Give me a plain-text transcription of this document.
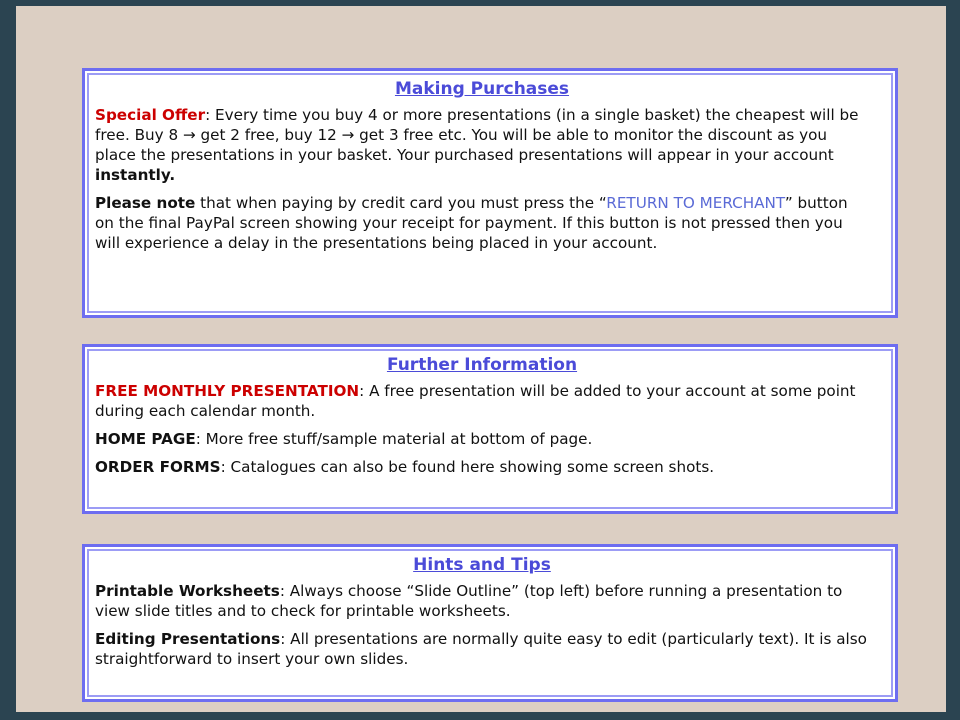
Making Purchases

Special Offer: Every time you buy 4 or more presentations (in a single basket) the cheapest will be free. Buy 8 → get 2 free, buy 12 → get 3 free etc. You will be able to monitor the discount as you place the presentations in your basket. Your purchased presentations will appear in your account instantly.

Please note that when paying by credit card you must press the “RETURN TO MERCHANT” button on the final PayPal screen showing your receipt for payment. If this button is not pressed then you will experience a delay in the presentations being placed in your account.

Further Information

FREE MONTHLY PRESENTATION: A free presentation will be added to your account at some point during each calendar month.

HOME PAGE: More free stuff/sample material at bottom of page.

ORDER FORMS: Catalogues can also be found here showing some screen shots.

Hints and Tips

Printable Worksheets: Always choose “Slide Outline” (top left) before running a presentation to view slide titles and to check for printable worksheets.

Editing Presentations: All presentations are normally quite easy to edit (particularly text). It is also straightforward to insert your own slides.
